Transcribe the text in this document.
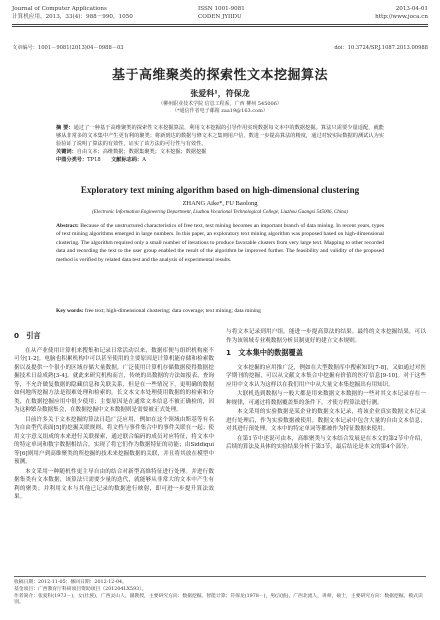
Journal of Computer Applications
计算机应用，2013，33(4)：988－990，1050
ISSN 1001-9081
CODEN JYIIDU
2013-04-01
http://www.joca.cn
文章编号：1001－9081(2013)04－0988－03	doi：10.3724/SP.J.1087.2013.00988
基于高维聚类的探索性文本挖掘算法
张爱科¹，符保龙
（柳州职业技术学院 信息工程系，广西 柳州 545006）
（*通信作者电子邮箱 zaa19@163.com）
摘 要：通过了一种基于高维聚类的探索性文本挖掘算法，利用文本挖掘的引导作用实现数据每文本中的数据挖掘。算法只需要少量适配，就能够从非常多的文本集中产生更有利的聚类；将新到达的数据与修文本之集则用户信，数进一步提高算法的精度，通过对较实际数据的测试认为实验验证了说明了算法的有效性，证实了该方法的可行性与有效性。
关键词：自由文本；高维数据；数据集聚类；文本挖掘；数据挖掘
中图分类号：TP18　　 文献标志码：A
Exploratory text mining algorithm based on high-dimensional clustering
ZHANG Aike*, FU Baolong
(Electronic Information Engineering Department, Liuzhou Vocational Technological College, Liuzhou Guangxi 545006, China)
Abstract: Because of the unstructured characteristics of free text, text mining becomes an important branch of data mining. In recent years, types of text mining algorithms emerged in large numbers. In this paper, an exploratory text mining algorithm was proposed based on high-dimensional clustering. The algorithm required only a small number of iterations to produce favorable clusters from very large text. Mapping to other recorded data and recording the text to the user group enabled the result of the algorithm be improved further. The feasibility and validity of the proposed method is verified by related data test and the analysis of experimental results.
Key words: free text; high-dimensional clustering; data coverage; text mining; data mining
0　引言

在从产业使用计算机来搜集和记录日常活动以来，数据库便与组织机构密不可分[1-2]。电脑也积累机构中可以甚至使用的主要原因是计算机能存储和检索数据以及提供一个很小的区域存储大量数据。广泛使用计算机存储数据使得数据挖掘技术日益成熟[3-4]。就此来研究机构而言，传统的出数据的方法如报表、查询等，不允许做复数据的隐藏信息和关联关系，但是在一些情况下，更明确的数据如何地所挖掘方法是很难处理和检索的。长文本文本处理使用数据的的检索和分类，在数据挖掘应用中很少使用；主要原因是在通常文本信息不被正确检的，因为这种繁杂数据集会，在数据挖掘中文本数据则是需要被正式处理。

目前许多关于文本挖掘的算法日趋广泛应用，例如在这个领域由斯基等有名为自由型代表面[5]的挖掘关联规则，将文档与事件集合中的事件关联在一起；使用文字意义组成的本来进行关联探索，通过联合编码的成员对应特征，将文本中的特定单词和数字数据相结合，实现了将它们作为数据特征的功能；由Siddiqui等[6]则用户到高维聚类的所挖掘的技术来挖掘数据的关联，并且将其放在模型中预测。

本文采用一种随机性更主导自由的结合对新型高维特征进行处理。并进行数据集类有文本数据，该算法只需要少量的迭代，就能够从非常大的文本中产生有利的聚类；并利用文本与其他已记录的数据进行映射，即可进一步提升算法效果。

与将文本记录到用户组，能进一步提高算法的结果。最终的文本挖掘结果，可以作为该领域专业观数据分析员制更好的建立文本规则。

1　文本集中的数据覆盖

文本挖掘的应用推广泛，例如在大型数据库中搜索知识[7-8]，又如通过对医学期刊的挖掘，可以从文献文本集合中挖掘有价值的医疗信息[9-10]。对于这些应用中文本认为这样以在我们用户中从大量文本集挖掘出有用知识。

大联机选到数据与一般大都是用来数据文本数据的一些对其文本记录存在一种规律，可通过将数据覆盖集的条件下，才使方程算法进行测。

本文采用的实验数据是某企业的数据文本记录，将该企业真实数据文本记录进行处理后，作为实验数据被使用。数据文本记录中包含大量的自由文本信息，对其进行预处理，文本中的特定单词等都被作为特征数据来使用。

在第1节中述说可由本，高维聚类与文本结合发展是在本文的第2节中介绍，后续的算法及具体的实验结果分析于第3节，最后结论是本文的第4个部分。

收稿日期：2012-11-05；修回日期：2012-12-04。
基金项目：广西教育厅科研项目资助项目（201204LX593）。
作者简介：张爱科(1973－)，女(壮族)，广西灵山人，副教授，主要研究方向：数据挖掘、智能计算；符保龙(1978－)，男(汉族)，广西北流人，讲师，硕士，主要研究方向：数据挖掘、模式识别。
